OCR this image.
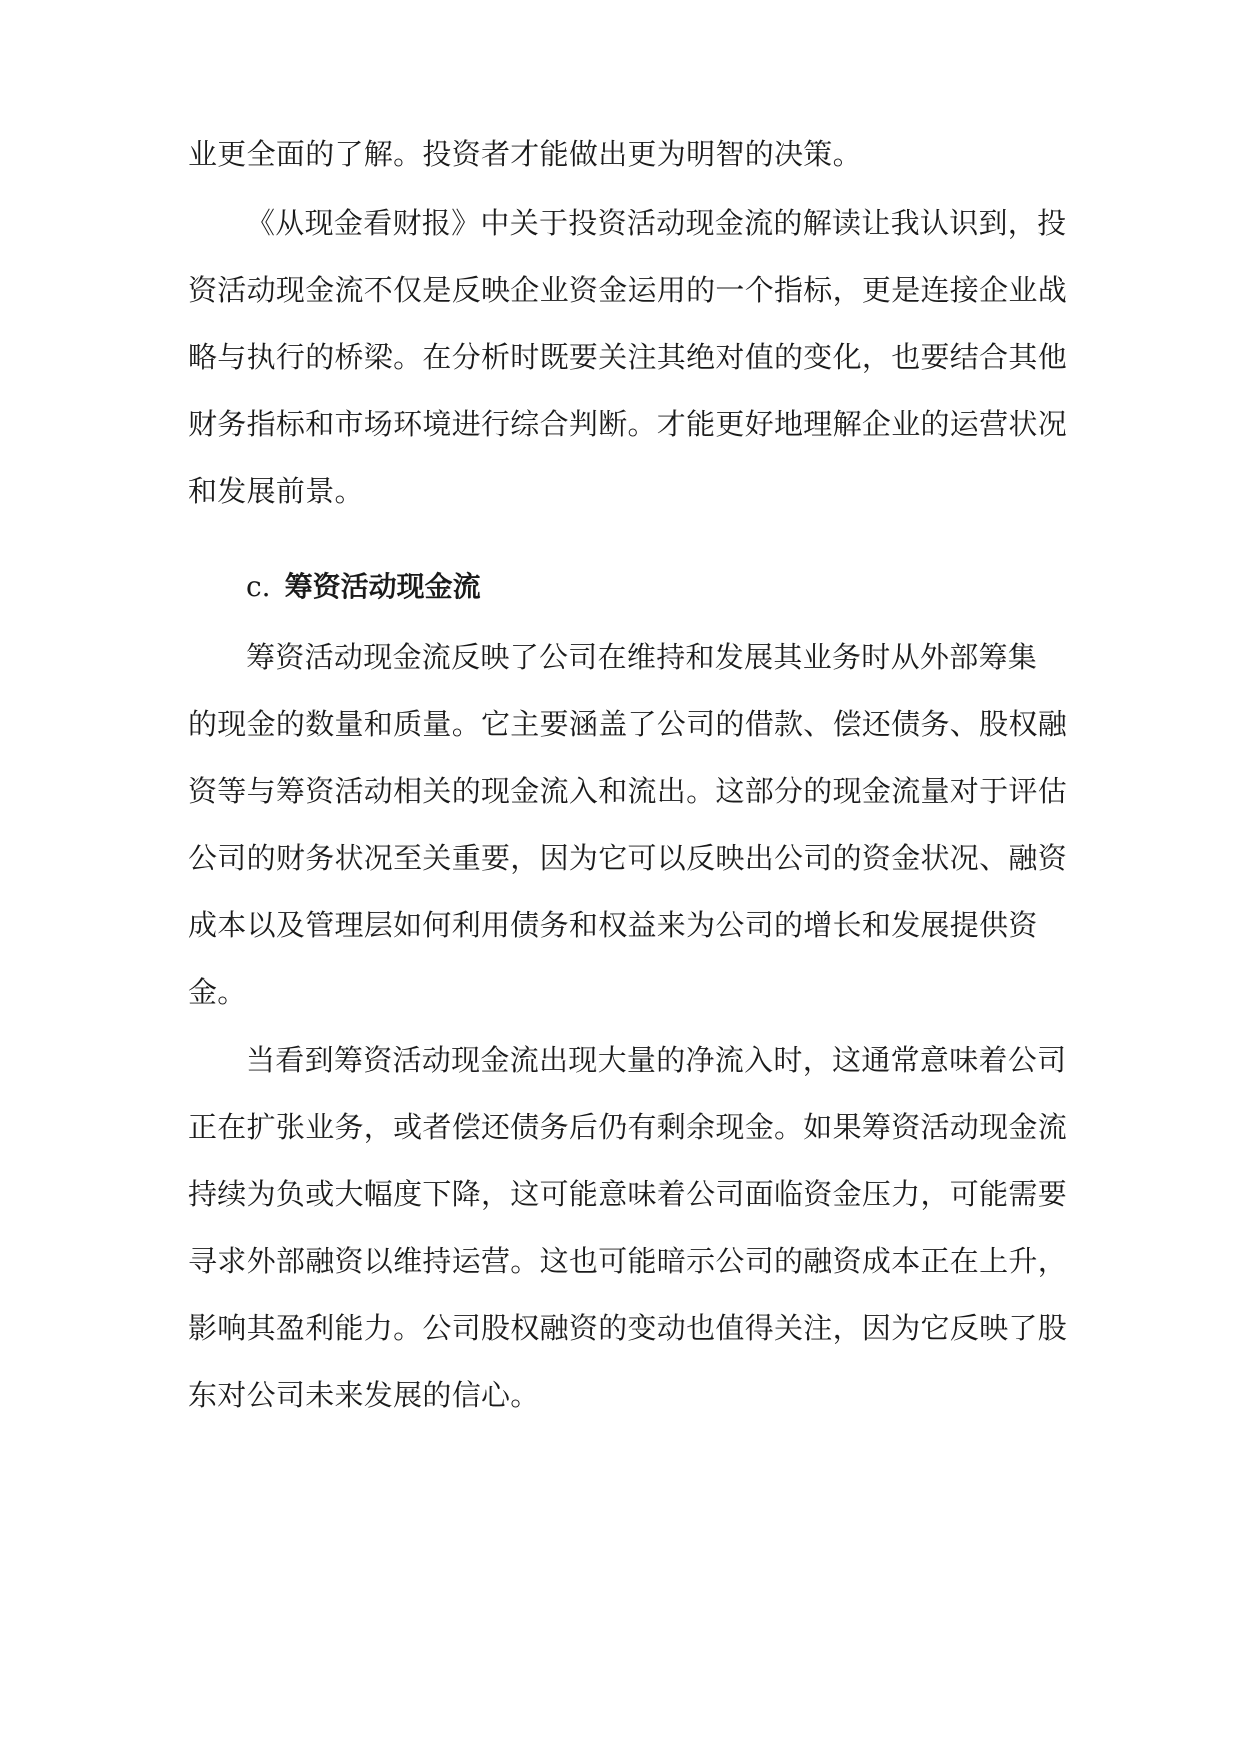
业更全面的了解。投资者才能做出更为明智的决策。
《从现金看财报》中关于投资活动现金流的解读让我认识到，投
资活动现金流不仅是反映企业资金运用的一个指标，更是连接企业战
略与执行的桥梁。在分析时既要关注其绝对值的变化，也要结合其他
财务指标和市场环境进行综合判断。才能更好地理解企业的运营状况
和发展前景。
c. 筹资活动现金流
筹资活动现金流反映了公司在维持和发展其业务时从外部筹集
的现金的数量和质量。它主要涵盖了公司的借款、偿还债务、股权融
资等与筹资活动相关的现金流入和流出。这部分的现金流量对于评估
公司的财务状况至关重要，因为它可以反映出公司的资金状况、融资
成本以及管理层如何利用债务和权益来为公司的增长和发展提供资
金。
当看到筹资活动现金流出现大量的净流入时，这通常意味着公司
正在扩张业务，或者偿还债务后仍有剩余现金。如果筹资活动现金流
持续为负或大幅度下降，这可能意味着公司面临资金压力，可能需要
寻求外部融资以维持运营。这也可能暗示公司的融资成本正在上升，
影响其盈利能力。公司股权融资的变动也值得关注，因为它反映了股
东对公司未来发展的信心。
